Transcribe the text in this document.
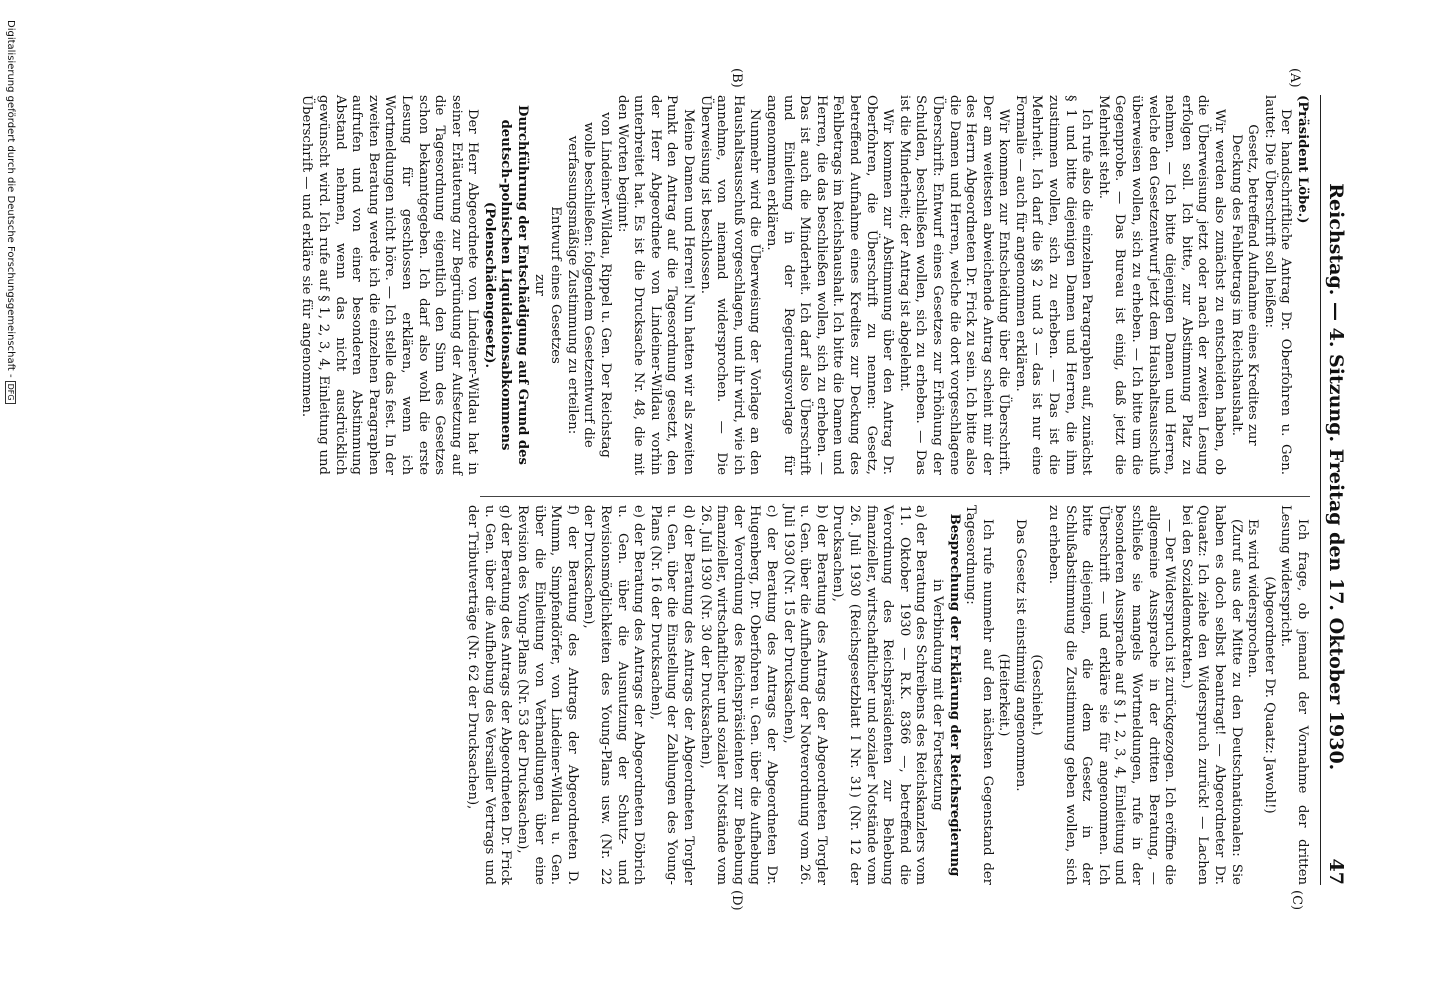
Reichstag. — 4. Sitzung. Freitag den 17. Oktober 1930.
47
(A)
(B)
(C)
(D)

(Präsident Löbe.)

Der handschriftliche Antrag Dr. Oberfohren u. Gen. lautet: Die Überschrift soll heißen:

Gesetz, betreffend Aufnahme eines Kredites zur Deckung des Fehlbetrags im Reichshaushalt.

Wir werden also zunächst zu entscheiden haben, ob die Überweisung jetzt oder nach der zweiten Lesung erfolgen soll. Ich bitte, zur Abstimmung Platz zu nehmen. — Ich bitte diejenigen Damen und Herren, welche den Gesetzentwurf jetzt dem Haushaltsausschuß überweisen wollen, sich zu erheben. — Ich bitte um die Gegenprobe. — Das Bureau ist einig, daß jetzt die Mehrheit steht.

Ich rufe also die einzelnen Paragraphen auf, zunächst § 1 und bitte diejenigen Damen und Herren, die ihm zustimmen wollen, sich zu erheben. — Das ist die Mehrheit. Ich darf die §§ 2 und 3 — das ist nur eine Formalie — auch für angenommen erklären.

Wir kommen zur Entscheidung über die Überschrift. Der am weitesten abweichende Antrag scheint mir der des Herrn Abgeordneten Dr. Frick zu sein. Ich bitte also die Damen und Herren, welche die dort vorgeschlagene Überschrift: Entwurf eines Gesetzes zur Erhöhung der Schulden, beschließen wollen, sich zu erheben. — Das ist die Minderheit; der Antrag ist abgelehnt.

Wir kommen zur Abstimmung über den Antrag Dr. Oberfohren, die Überschrift zu nennen: Gesetz, betreffend Aufnahme eines Kredites zur Deckung des Fehlbetrags im Reichshaushalt. Ich bitte die Damen und Herren, die das beschließen wollen, sich zu erheben. — Das ist auch die Minderheit. Ich darf also Überschrift und Einleitung in der Regierungsvorlage für angenommen erklären.

Nunmehr wird die Überweisung der Vorlage an den Haushaltsausschuß vorgeschlagen, und ihr wird, wie ich annehme, von niemand widersprochen. — Die Überweisung ist beschlossen.

Meine Damen und Herren! Nun hatten wir als zweiten Punkt den Antrag auf die Tagesordnung gesetzt, den der Herr Abgeordnete von Lindeiner-Wildau vorhin unterbreitet hat. Es ist die Drucksache Nr. 48, die mit den Worten beginnt:

von Lindeiner-Wildau, Rippel u. Gen. Der Reichstag wolle beschließen: folgendem Gesetzentwurf die verfassungsmäßige Zustimmung zu erteilen:

Entwurf eines Gesetzes

zur

Durchführung der Entschädigung auf Grund des deutsch-polnischen Liquidationsabkommens (Polenschädengesetz).

Der Herr Abgeordnete von Lindeiner-Wildau hat in seiner Erläuterung zur Begründung der Aufsetzung auf die Tagesordnung eigentlich den Sinn des Gesetzes schon bekanntgegeben. Ich darf also wohl die erste Lesung für geschlossen erklären, wenn ich Wortmeldungen nicht höre. — Ich stelle das fest. In der zweiten Beratung werde ich die einzelnen Paragraphen aufrufen und von einer besonderen Abstimmung Abstand nehmen, wenn das nicht ausdrücklich gewünscht wird. Ich rufe auf § 1, 2, 3, 4, Einleitung und Überschrift — und erkläre sie für angenommen.

Ich frage, ob jemand der Vornahme der dritten Lesung widerspricht.

(Abgeordneter Dr. Quaatz: Jawohl!)

Es wird widersprochen.

(Zuruf aus der Mitte zu den Deutschnationalen: Sie haben es doch selbst beantragt! — Abgeordneter Dr. Quaatz: Ich ziehe den Widerspruch zurück! — Lachen bei den Sozialdemokraten.)

— Der Widerspruch ist zurückgezogen. Ich eröffne die allgemeine Aussprache in der dritten Beratung, — schließe sie mangels Wortmeldungen, rufe in der besonderen Aussprache auf § 1, 2, 3, 4, Einleitung und Überschrift — und erkläre sie für angenommen. Ich bitte diejenigen, die dem Gesetz in der Schlußabstimmung die Zustimmung geben wollen, sich zu erheben.

(Geschieht.)

Das Gesetz ist einstimmig angenommen.

(Heiterkeit.)

Ich rufe nunmehr auf den nächsten Gegenstand der Tagesordnung:

Besprechung der Erklärung der Reichsregierung

in Verbindung mit der Fortsetzung

a) der Beratung des Schreibens des Reichskanzlers vom 11. Oktober 1930 — R.K. 8366 —, betreffend die Verordnung des Reichspräsidenten zur Behebung finanzieller, wirtschaftlicher und sozialer Notstände vom 26. Juli 1930 (Reichsgesetzblatt I Nr. 31) (Nr. 12 der Drucksachen),

b) der Beratung des Antrags der Abgeordneten Torgler u. Gen. über die Aufhebung der Notverordnung vom 26. Juli 1930 (Nr. 15 der Drucksachen),

c) der Beratung des Antrags der Abgeordneten Dr. Hugenberg, Dr. Oberfohren u. Gen. über die Aufhebung der Verordnung des Reichspräsidenten zur Behebung finanzieller, wirtschaftlicher und sozialer Notstände vom 26. Juli 1930 (Nr. 30 der Drucksachen),

d) der Beratung des Antrags der Abgeordneten Torgler u. Gen. über die Einstellung der Zahlungen des Young-Plans (Nr. 16 der Drucksachen),

e) der Beratung des Antrags der Abgeordneten Döbrich u. Gen. über die Ausnutzung der Schutz- und Revisionsmöglichkeiten des Young-Plans usw. (Nr. 22 der Drucksachen),

f) der Beratung des Antrags der Abgeordneten D. Mumm, Simpfendörfer, von Lindeiner-Wildau u. Gen. über die Einleitung von Verhandlungen über eine Revision des Young-Plans (Nr. 53 der Drucksachen),

g) der Beratung des Antrags der Abgeordneten Dr. Frick u. Gen. über die Aufhebung des Versailler Vertrags und der Tributverträge (Nr. 62 der Drucksachen),

Digitalisierung gefördert durch die Deutsche Forschungsgemeinschaft -DFG
